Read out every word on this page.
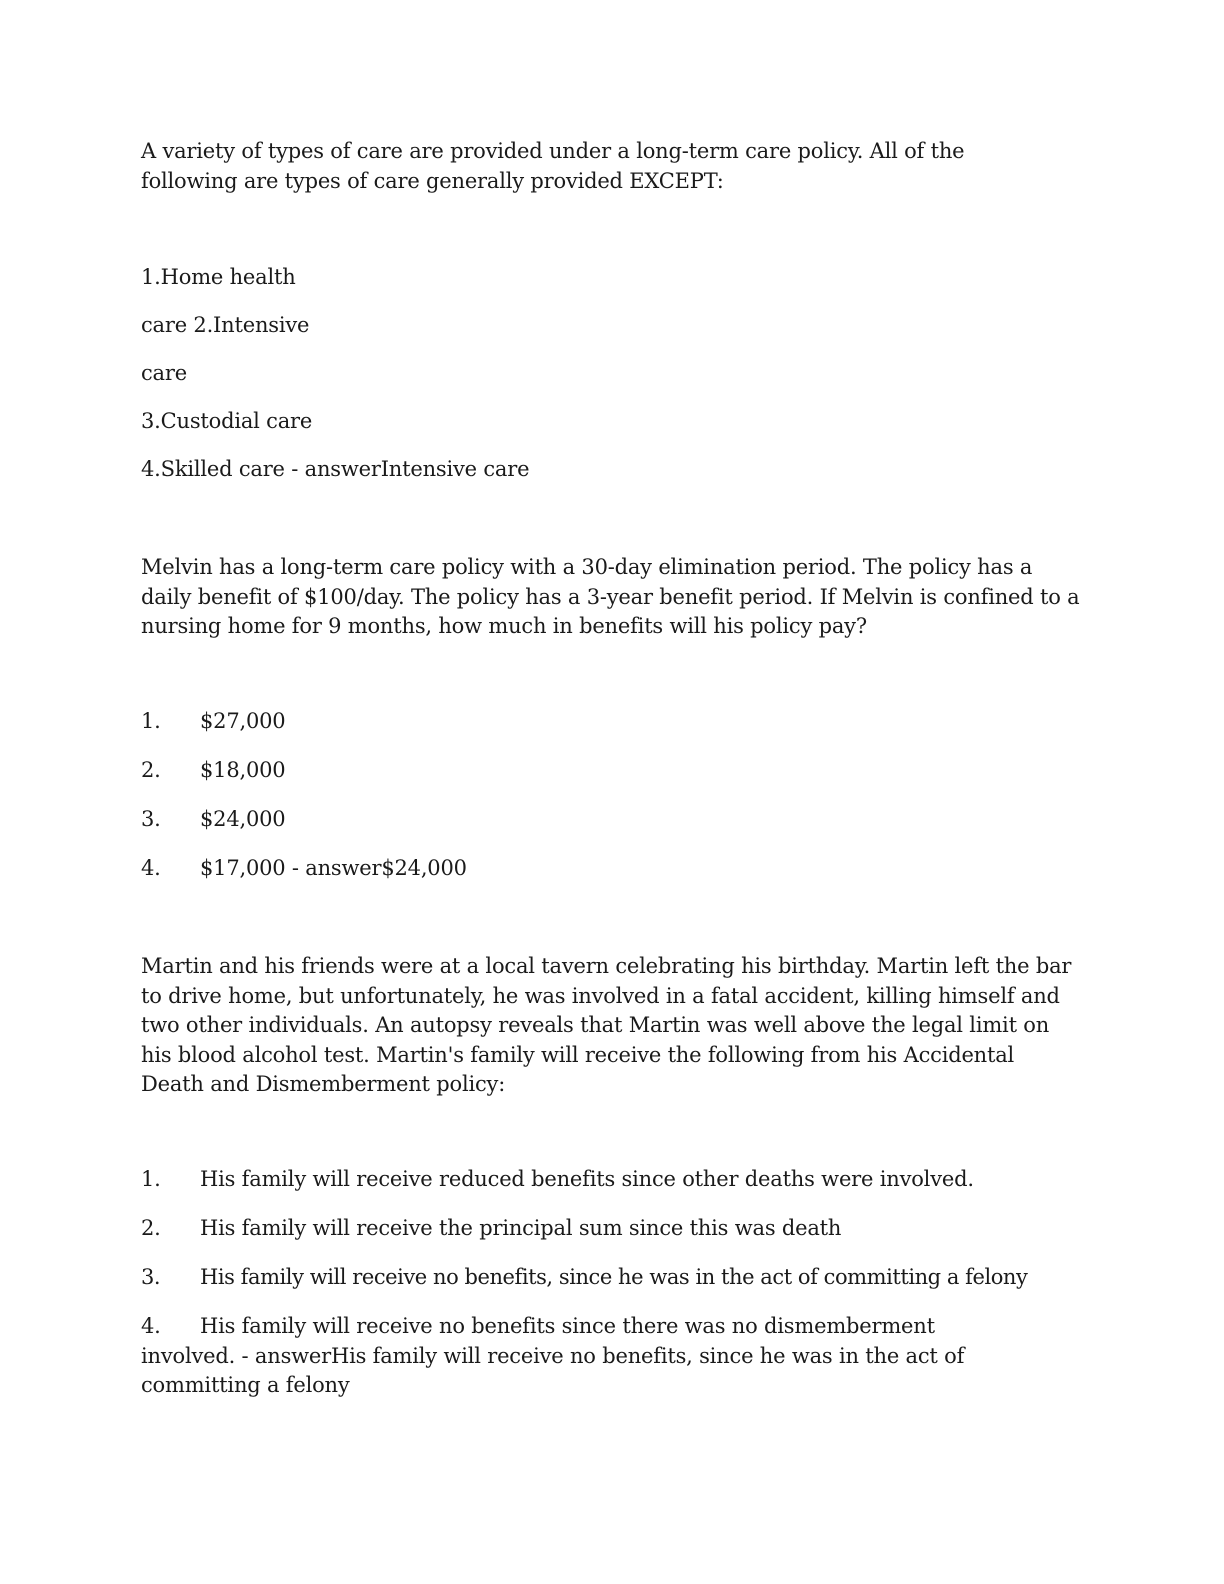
A variety of types of care are provided under a long-term care policy. All of the following are types of care generally provided EXCEPT:

1.Home health

care 2.Intensive

care

3.Custodial care

4.Skilled care - answerIntensive care

Melvin has a long-term care policy with a 30-day elimination period. The policy has a daily benefit of $100/day. The policy has a 3-year benefit period. If Melvin is confined to a nursing home for 9 months, how much in benefits will his policy pay?

1. $27,000

2. $18,000

3. $24,000

4. $17,000 - answer$24,000

Martin and his friends were at a local tavern celebrating his birthday. Martin left the bar to drive home, but unfortunately, he was involved in a fatal accident, killing himself and two other individuals. An autopsy reveals that Martin was well above the legal limit on his blood alcohol test. Martin's family will receive the following from his Accidental Death and Dismemberment policy:

1. His family will receive reduced benefits since other deaths were involved.

2. His family will receive the principal sum since this was death

3. His family will receive no benefits, since he was in the act of committing a felony

4. His family will receive no benefits since there was no dismemberment involved. - answerHis family will receive no benefits, since he was in the act of committing a felony
